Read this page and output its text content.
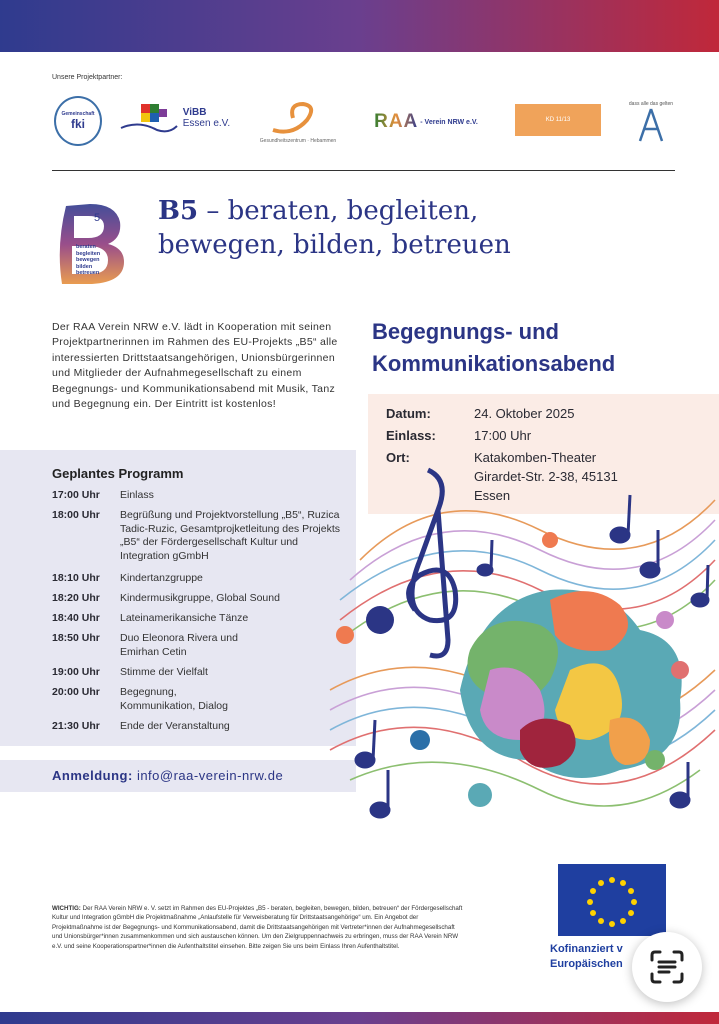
Unsere Projektpartner:
Gemeinschaft
fki
ViBB
Essen e.V.
Gesundheitszentrum · Hebammen
RAA - Verein NRW e.V.	KD 11/13
dass alle das gelten
5
beraten
begleiten
bewegen
bilden
betreuen
B5 – beraten, begleiten, bewegen, bilden, betreuen
Der RAA Verein NRW e.V. lädt in Kooperation mit seinen Projektpartnerinnen im Rahmen des EU-Projekts „B5“ alle interessierten Drittstaatsangehörigen, Unionsbürgerinnen und Mitglieder der Aufnahmegesellschaft zu einem Begegnungs- und Kommunikationsabend mit Musik, Tanz und Begegnung ein. Der Eintritt ist kostenlos!
Begegnungs- und
Kommunikationsabend
Datum:	24. Oktober 2025
Einlass:	17:00 Uhr
Ort:	Katakomben-Theater Girardet-Str. 2-38, 45131 Essen
Geplantes Programm
17:00 Uhr	Einlass
18:00 Uhr	Begrüßung und Projektvorstellung „B5“, Ruzica Tadic-Ruzic, Gesamtprojketleitung des Projekts „B5“ der Fördergesellschaft Kultur und Integration gGmbH
18:10 Uhr	Kindertanzgruppe
18:20 Uhr	Kindermusikgruppe, Global Sound
18:40 Uhr	Lateinamerikansiche Tänze
18:50 Uhr	Duo Eleonora Rivera und Emirhan Cetin
19:00 Uhr	Stimme der Vielfalt
20:00 Uhr	Begegnung, Kommunikation, Dialog
21:30 Uhr	Ende der Veranstaltung
Anmeldung: info@raa-verein-nrw.de
WICHTIG: Der RAA Verein NRW e. V. setzt im Rahmen des EU-Projektes „B5 - beraten, begleiten, bewegen, bilden, betreuen“ der Fördergesellschaft Kultur und Integration gGmbH die Projektmaßnahme „Anlaufstelle für Verweisberatung für Drittstaatsangehörige“ um. Ein Angebot der Projektmaßnahme ist der Begegnungs- und Kommunikationsabend, damit die Drittstaatsangehörigen mit Vertreter*innen der Aufnahmegesellschaft und Unionsbürger*innen zusammenkommen und sich austauschen können. Um den Zielgruppennachweis zu erbringen, muss der RAA Verein NRW e.V. und seine Kooperationspartner*innen die Aufenthaltstitel einsehen. Bitte zeigen Sie uns beim Einlass Ihren Aufenthaltstitel.	Kofinanziert v
Europäischen
